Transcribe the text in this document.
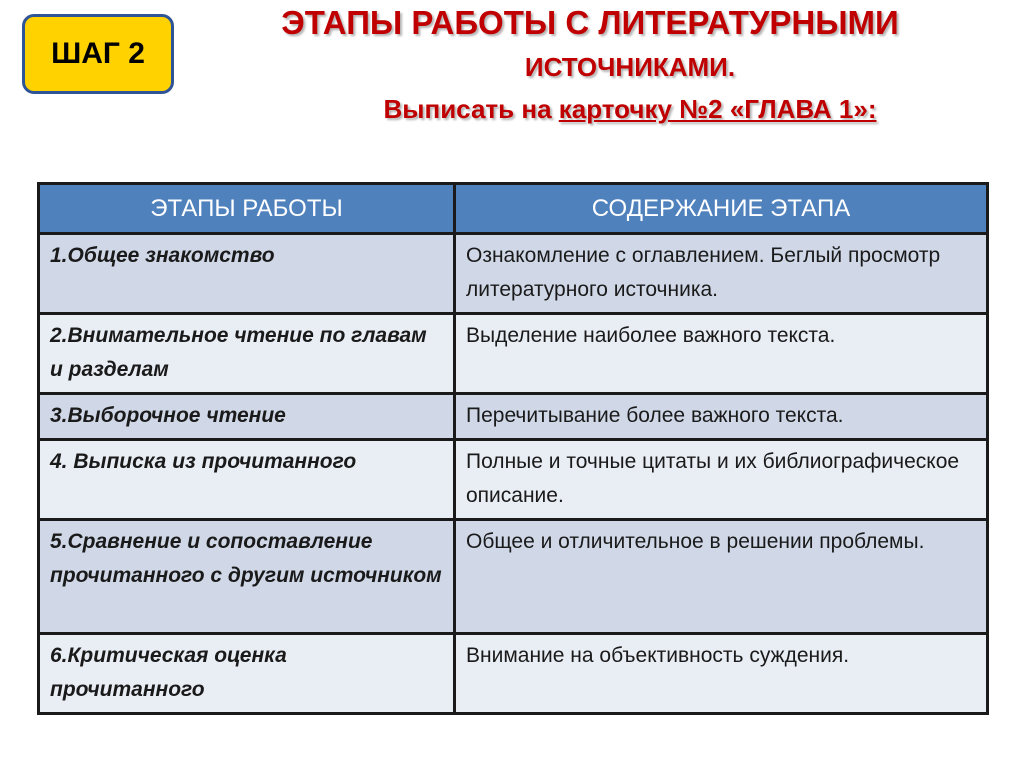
ШАГ 2
ЭТАПЫ РАБОТЫ С ЛИТЕРАТУРНЫМИ
ИСТОЧНИКАМИ.
Выписать на карточку №2 «ГЛАВА 1»:
ЭТАПЫ РАБОТЫ	СОДЕРЖАНИЕ ЭТАПА
1.Общее знакомство	Ознакомление с оглавлением. Беглый просмотр литературного источника.
2.Внимательное чтение по главам и разделам	Выделение наиболее важного текста.
3.Выборочное чтение	Перечитывание более важного текста.
4. Выписка из прочитанного	Полные и точные цитаты и их библиографическое описание.
5.Сравнение и сопоставление прочитанного с другим источником	Общее и отличительное в решении проблемы.
6.Критическая оценка прочитанного	Внимание на объективность суждения.
